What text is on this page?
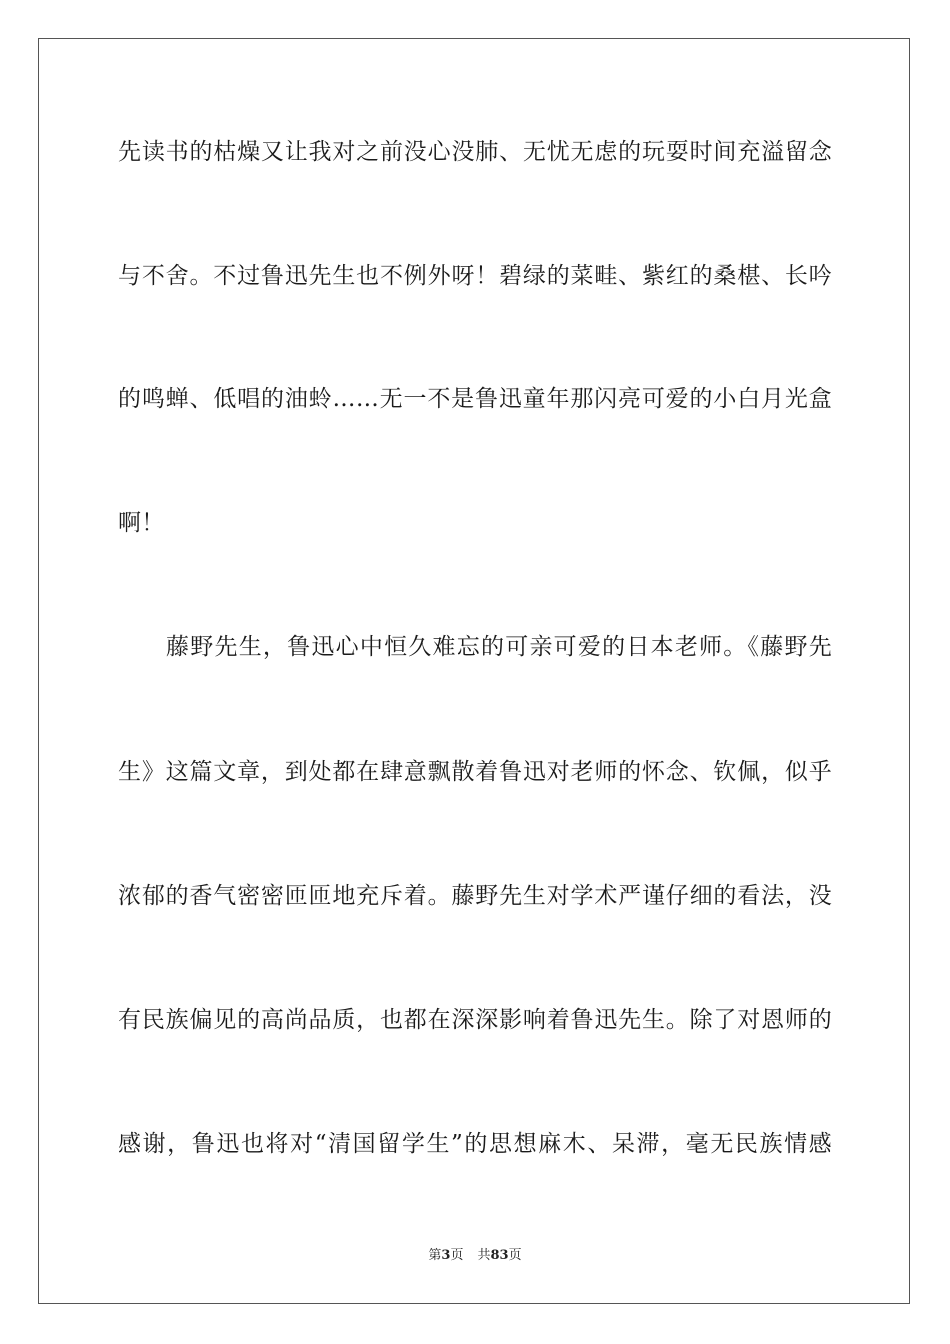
先读书的枯燥又让我对之前没心没肺、无忧无虑的玩耍时间充溢留念
与不舍。不过鲁迅先生也不例外呀！碧绿的菜畦、紫红的桑椹、长吟
的鸣蝉、低唱的油蛉……无一不是鲁迅童年那闪亮可爱的小白月光盒
啊！
藤野先生，鲁迅心中恒久难忘的可亲可爱的日本老师。《藤野先
生》这篇文章，到处都在肆意飘散着鲁迅对老师的怀念、钦佩，似乎
浓郁的香气密密匝匝地充斥着。藤野先生对学术严谨仔细的看法，没
有民族偏见的高尚品质，也都在深深影响着鲁迅先生。除了对恩师的
感谢，鲁迅也将对“清国留学生”的思想麻木、呆滞，毫无民族情感
第3页 共83页
